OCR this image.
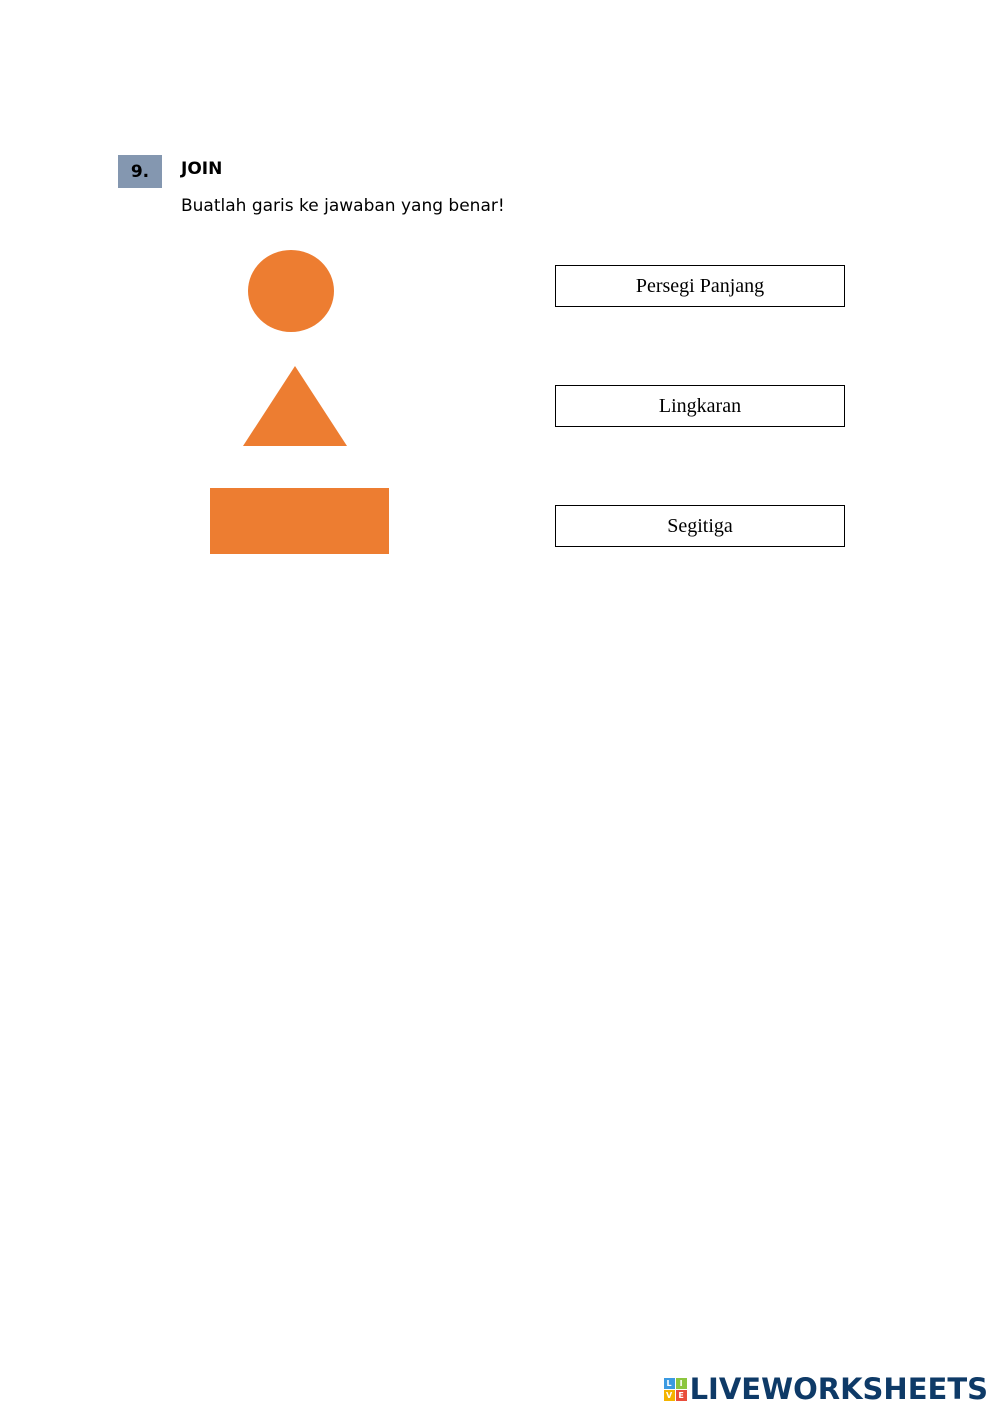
9.	JOIN
Buatlah garis ke jawaban yang benar!
Persegi Panjang
Lingkaran
Segitiga
L I
V E LIVEWORKSHEETS
